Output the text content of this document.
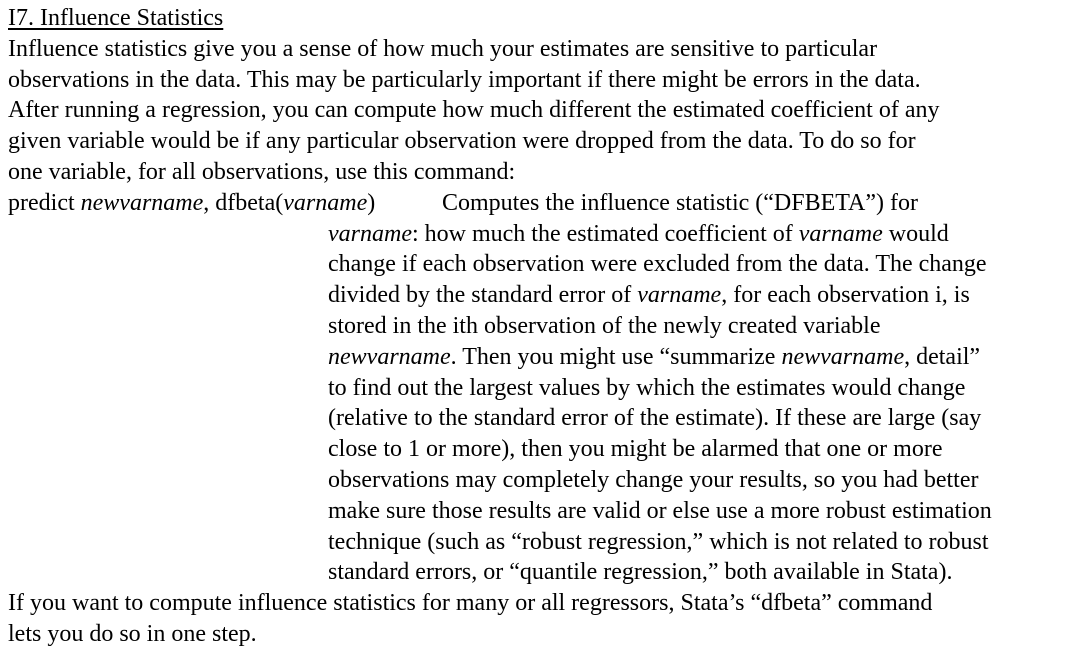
I7. Influence Statistics
Influence statistics give you a sense of how much your estimates are sensitive to particular
observations in the data. This may be particularly important if there might be errors in the data.
After running a regression, you can compute how much different the estimated coefficient of any
given variable would be if any particular observation were dropped from the data. To do so for
one variable, for all observations, use this command:
predict newvarname, dfbeta(varname)	Computes the influence statistic (“DFBETA”) for
varname: how much the estimated coefficient of varname would
change if each observation were excluded from the data. The change
divided by the standard error of varname, for each observation i, is
stored in the ith observation of the newly created variable
newvarname. Then you might use “summarize newvarname, detail”
to find out the largest values by which the estimates would change
(relative to the standard error of the estimate). If these are large (say
close to 1 or more), then you might be alarmed that one or more
observations may completely change your results, so you had better
make sure those results are valid or else use a more robust estimation
technique (such as “robust regression,” which is not related to robust
standard errors, or “quantile regression,” both available in Stata).
If you want to compute influence statistics for many or all regressors, Stata’s “dfbeta” command
lets you do so in one step.
